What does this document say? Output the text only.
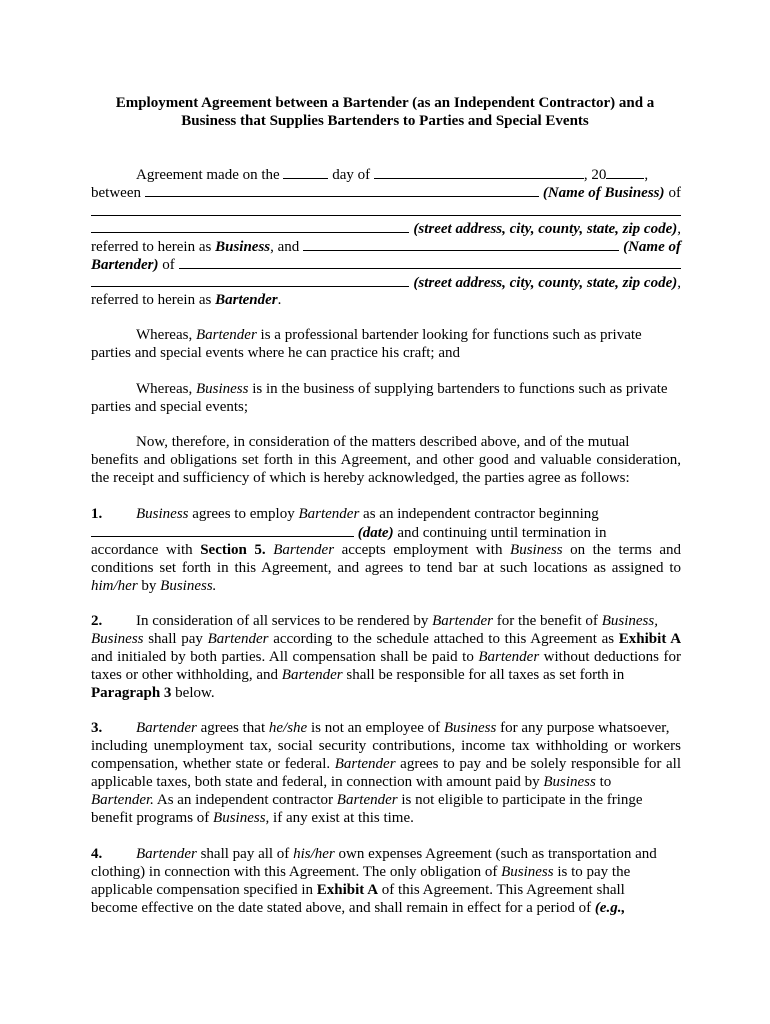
Employment Agreement between a Bartender (as an Independent Contractor) and a
Business that Supplies Bartenders to Parties and Special Events
Agreement made on the	day of	, 20	,
between	(Name of Business) of
(street address, city, county, state, zip code) ,
referred to herein as
Business , and	(Name of
Bartender)
of
(street address, city, county, state, zip code) ,
referred to herein as Bartender.
Whereas, Bartender is a professional bartender looking for functions such as private
parties and special events where he can practice his craft; and
Whereas, Business is in the business of supplying bartenders to functions such as private
parties and special events;
Now, therefore, in consideration of the matters described above, and of the mutual
benefits and obligations set forth in this Agreement, and other good and valuable consideration,
the receipt and sufficiency of which is hereby acknowledged, the parties agree as follows:
1. Business agrees to employ Bartender as an independent contractor beginning
(date) and continuing until termination in
accordance with Section 5. Bartender accepts employment with Business on the terms and
conditions set forth in this Agreement, and agrees to tend bar at such locations as assigned to
him/her by Business.
2. In consideration of all services to be rendered by Bartender for the benefit of Business,
Business shall pay Bartender according to the schedule attached to this Agreement as Exhibit A
and initialed by both parties. All compensation shall be paid to Bartender without deductions for
taxes or other withholding, and Bartender shall be responsible for all taxes as set forth in
Paragraph 3 below.
3. Bartender agrees that he/she is not an employee of Business for any purpose whatsoever,
including unemployment tax, social security contributions, income tax withholding or workers
compensation, whether state or federal. Bartender agrees to pay and be solely responsible for all
applicable taxes, both state and federal, in connection with amount paid by Business to
Bartender. As an independent contractor Bartender is not eligible to participate in the fringe
benefit programs of Business, if any exist at this time.
4. Bartender shall pay all of his/her own expenses Agreement (such as transportation and
clothing) in connection with this Agreement. The only obligation of Business is to pay the
applicable compensation specified in Exhibit A of this Agreement. This Agreement shall
become effective on the date stated above, and shall remain in effect for a period of (e.g.,
